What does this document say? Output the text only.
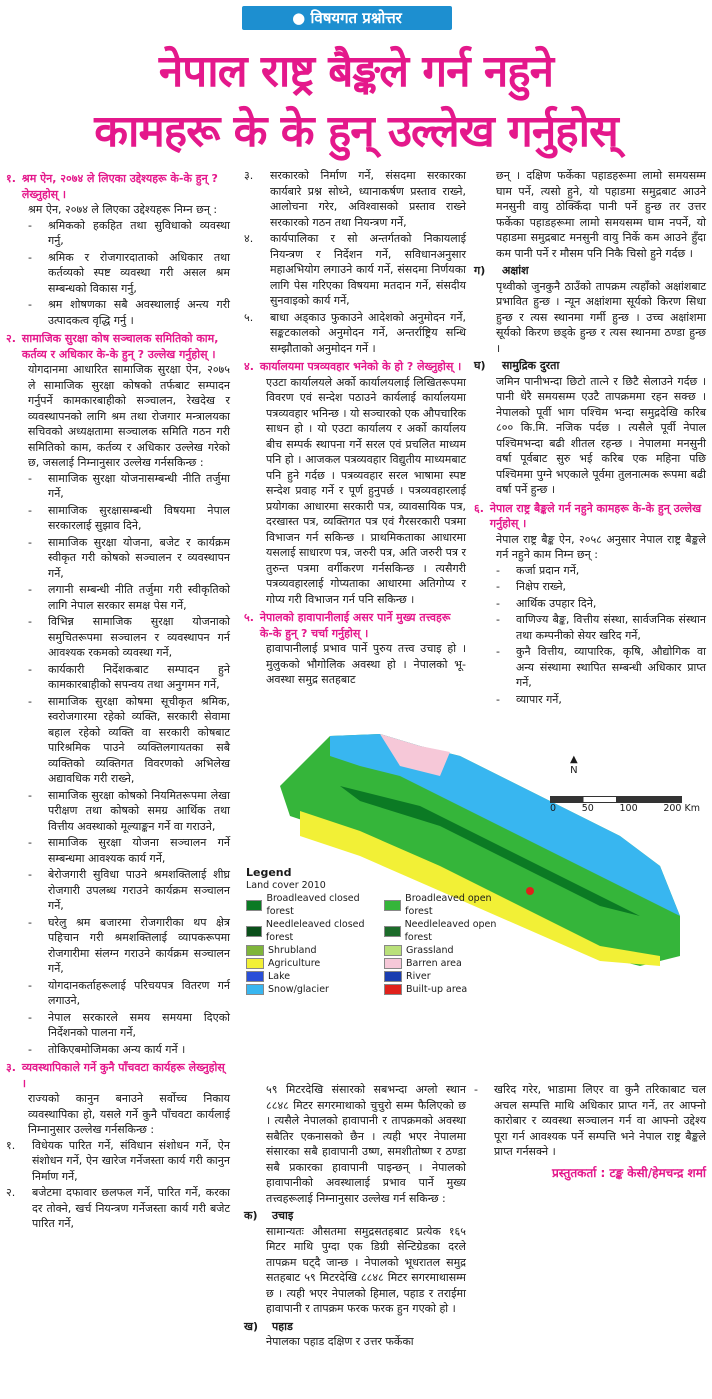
● विषयगत प्रश्नोत्तर
नेपाल राष्ट्र बैङ्कले गर्न नहुने
कामहरू के के हुन् उल्लेख गर्नुहोस्
१. श्रम ऐन, २०७४ ले लिएका उद्देश्यहरू के-के हुन् ? लेख्नुहोस् ।
श्रम ऐन, २०७४ ले लिएका उद्देश्यहरू निम्न छन् :
-	श्रमिकको हकहित तथा सुविधाको व्यवस्था गर्नु,
-	श्रमिक र रोजगारदाताको अधिकार तथा कर्तव्यको स्पष्ट व्यवस्था गरी असल श्रम सम्बन्धको विकास गर्नु,
-	श्रम शोषणका सबै अवस्थालाई अन्त्य गरी उत्पादकत्व वृद्धि गर्नु ।
२. सामाजिक सुरक्षा कोष सञ्चालक समितिको काम, कर्तव्य र अधिकार के-के हुन् ? उल्लेख गर्नुहोस् ।
योगदानमा आधारित सामाजिक सुरक्षा ऐन, २०७५ ले सामाजिक सुरक्षा कोषको तर्फबाट सम्पादन गर्नुपर्ने कामकारबाहीको सञ्चालन, रेखदेख र व्यवस्थापनको लागि श्रम तथा रोजगार मन्त्रालयका सचिवको अध्यक्षतामा सञ्चालक समिति गठन गरी समितिको काम, कर्तव्य र अधिकार उल्लेख गरेको छ, जसलाई निम्नानुसार उल्लेख गर्नसकिन्छ :
-	सामाजिक सुरक्षा योजनासम्बन्धी नीति तर्जुमा गर्ने,
-	सामाजिक सुरक्षासम्बन्धी विषयमा नेपाल सरकारलाई सुझाव दिने,
-	सामाजिक सुरक्षा योजना, बजेट र कार्यक्रम स्वीकृत गरी कोषको सञ्चालन र व्यवस्थापन गर्ने,
-	लगानी सम्बन्धी नीति तर्जुमा गरी स्वीकृतिको लागि नेपाल सरकार समक्ष पेस गर्ने,
-	विभिन्न सामाजिक सुरक्षा योजनाको समुचितरूपमा सञ्चालन र व्यवस्थापन गर्न आवश्यक रकमको व्यवस्था गर्ने,
-	कार्यकारी निर्देशकबाट सम्पादन हुने कामकारबाहीको सपन्वय तथा अनुगमन गर्ने,
-	सामाजिक सुरक्षा कोषमा सूचीकृत श्रमिक, स्वरोजगारमा रहेको व्यक्ति, सरकारी सेवामा बहाल रहेको व्यक्ति वा सरकारी कोषबाट पारिश्रमिक पाउने व्यक्तिलगायतका सबै व्यक्तिको व्यक्तिगत विवरणको अभिलेख अद्यावधिक गरी राख्ने,
-	सामाजिक सुरक्षा कोषको नियमितरूपमा लेखा परीक्षण तथा कोषको समग्र आर्थिक तथा वित्तीय अवस्थाको मूल्याङ्कन गर्ने वा गराउने,
-	सामाजिक सुरक्षा योजना सञ्चालन गर्ने सम्बन्धमा आवश्यक कार्य गर्ने,
-	बेरोजगारी सुविधा पाउने श्रमशक्तिलाई शीघ्र रोजगारी उपलब्ध गराउने कार्यक्रम सञ्चालन गर्ने,
-	घरेलु श्रम बजारमा रोजगारीका थप क्षेत्र पहिचान गरी श्रमशक्तिलाई व्यापकरूपमा रोजगारीमा संलग्न गराउने कार्यक्रम सञ्चालन गर्ने,
-	योगदानकर्ताहरूलाई परिचयपत्र वितरण गर्न लगाउने,
-	नेपाल सरकारले समय समयमा दिएको निर्देशनको पालना गर्ने,
-	तोकिएबमोजिमका अन्य कार्य गर्ने ।
३. व्यवस्थापिकाले गर्ने कुनै पाँचवटा कार्यहरू लेख्नुहोस् ।
राज्यको कानुन बनाउने सर्वोच्च निकाय व्यवस्थापिका हो, यसले गर्ने कुनै पाँचवटा कार्यलाई निम्नानुसार उल्लेख गर्नसकिन्छ :
१.	विधेयक पारित गर्ने, संविधान संशोधन गर्ने, ऐन संशोधन गर्ने, ऐन खारेज गर्नेजस्ता कार्य गरी कानुन निर्माण गर्ने,
२.	बजेटमा दफावार छलफल गर्ने, पारित गर्ने, करका दर तोक्ने, खर्च नियन्त्रण गर्नेजस्ता कार्य गरी बजेट पारित गर्ने,
३.	सरकारको निर्माण गर्ने, संसदमा सरकारका कार्यबारे प्रश्न सोध्ने, ध्यानाकर्षण प्रस्ताव राख्ने, आलोचना गरेर, अविश्वासको प्रस्ताव राख्ने सरकारको गठन तथा नियन्त्रण गर्ने,
४.	कार्यपालिका र सो अन्तर्गतको निकायलाई नियन्त्रण र निर्देशन गर्ने, सविधानअनुसार महाअभियोग लगाउने कार्य गर्ने, संसदमा निर्णयका लागि पेस गरिएका विषयमा मतदान गर्ने, संसदीय सुनवाइको कार्य गर्ने,
५.	बाधा अड्काउ फुकाउने आदेशको अनुमोदन गर्ने, सङ्कटकालको अनुमोदन गर्ने, अन्तर्राष्ट्रिय सन्धि सम्झौताको अनुमोदन गर्ने ।
४. कार्यालयमा पत्रव्यवहार भनेको के हो ? लेख्नुहोस् ।
एउटा कार्यालयले अर्को कार्यालयलाई लिखितरूपमा विवरण एवं सन्देश पठाउने कार्यलाई कार्यालयमा पत्रव्यवहार भनिन्छ । यो सञ्चारको एक औपचारिक साधन हो । यो एउटा कार्यालय र अर्को कार्यालय बीच सम्पर्क स्थापना गर्ने सरल एवं प्रचलित माध्यम पनि हो । आजकल पत्रव्यवहार विद्युतीय माध्यमबाट पनि हुने गर्दछ । पत्रव्यवहार सरल भाषामा स्पष्ट सन्देश प्रवाह गर्ने र पूर्ण हुनुपर्छ । पत्रव्यवहारलाई प्रयोगका आधारमा सरकारी पत्र, व्यावसायिक पत्र, दरखास्त पत्र, व्यक्तिगत पत्र एवं गैरसरकारी पत्रमा विभाजन गर्न सकिन्छ । प्राथमिकताका आधारमा यसलाई साधारण पत्र, जरुरी पत्र, अति जरुरी पत्र र तुरुन्त पत्रमा वर्गीकरण गर्नसकिन्छ । त्यसैगरी पत्रव्यवहारलाई गोप्यताका आधारमा अतिगोप्य र गोप्य गरी विभाजन गर्न पनि सकिन्छ ।
५. नेपालको हावापानीलाई असर पार्ने मुख्य तत्त्वहरू के-के हुन् ? चर्चा गर्नुहोस् ।
हावापानीलाई प्रभाव पार्ने पुरुय तत्त्व उचाइ हो । मुलुकको भौगोलिक अवस्था हो । नेपालको भू-अवस्था समुद्र सतहबाट
छन् । दक्षिण फर्केका पहाडहरूमा लामो समयसम्म घाम पर्ने, त्यसो हुने, यो पहाडमा समुद्रबाट आउने मनसुनी वायु ठोक्किँदा पानी पर्ने हुन्छ तर उत्तर फर्केका पहाडहरूमा लामो समयसम्म घाम नपर्ने, यो पहाडमा समुद्रबाट मनसुनी वायु निर्के कम आउने हुँदा कम पानी पर्ने र मौसम पनि निकै चिसो हुने गर्दछ ।
ग)	अक्षांश
पृथ्वीको जुनकुनै ठाउँको तापक्रम त्यहाँको अक्षांशबाट प्रभावित हुन्छ । न्यून अक्षांशमा सूर्यको किरण सिधा हुन्छ र त्यस स्थानमा गर्मी हुन्छ । उच्च अक्षांशमा सूर्यको किरण छड्के हुन्छ र त्यस स्थानमा ठण्डा हुन्छ ।
घ)	सामुद्रिक दुरता
जमिन पानीभन्दा छिटो तात्ने र छिटै सेलाउने गर्दछ । पानी धेरै समयसम्म एउटै तापक्रममा रहन सक्छ । नेपालको पूर्वी भाग पश्चिम भन्दा समुद्रदेखि करिब ८०० कि.मि. नजिक पर्दछ । त्यसैले पूर्वी नेपाल पश्चिमभन्दा बढी शीतल रहन्छ । नेपालमा मनसुनी वर्षा पूर्वबाट सुरु भई करिब एक महिना पछि पश्चिममा पुग्ने भएकाले पूर्वमा तुलनात्मक रूपमा बढी वर्षा पर्ने हुन्छ ।
६. नेपाल राष्ट्र बैङ्कले गर्न नहुने कामहरू के-के हुन् उल्लेख गर्नुहोस् ।
नेपाल राष्ट्र बैङ्क ऐन, २०५८ अनुसार नेपाल राष्ट्र बैङ्कले गर्न नहुने काम निम्न छन् :
-	कर्जा प्रदान गर्ने,
-	निक्षेप राख्ने,
-	आर्थिक उपहार दिने,
-	वाणिज्य बैङ्क, वित्तीय संस्था, सार्वजनिक संस्थान तथा कम्पनीको सेयर खरिद गर्ने,
-	कुनै वित्तीय, व्यापारिक, कृषि, औद्योगिक वा अन्य संस्थामा स्थापित सम्बन्धी अधिकार प्राप्त गर्ने,
-	व्यापार गर्ने,
▲
N
0	50	100	200 Km
Legend
Land cover 2010
Broadleaved closed forest
Broadleaved open forest
Needleleaved closed forest
Needleleaved open forest
Shrubland	Grassland
Agriculture	Barren area
Lake	River
Snow/glacier	Built-up area
५९ मिटरदेखि संसारको सबभन्दा अग्लो स्थान ८८४८ मिटर सगरमाथाको चुचुरो सम्म फैलिएको छ । त्यसैले नेपालको हावापानी र तापक्रमको अवस्था सबैतिर एकनासको छैन । त्यही भएर नेपालमा संसारका सबै हावापानी उष्ण, समशीतोष्ण र ठण्डा सबै प्रकारका हावापानी पाइन्छन् । नेपालको हावापानीको अवस्थालाई प्रभाव पार्ने मुख्य तत्त्वहरूलाई निम्नानुसार उल्लेख गर्न सकिन्छ :
क)	उचाइ
सामान्यतः औसतमा समुद्रसतहबाट प्रत्येक १६५ मिटर माथि पुग्दा एक डिग्री सेन्टिग्रेडका दरले तापक्रम घट्दै जान्छ । नेपालको भूधरातल समुद्र सतहबाट ५९ मिटरदेखि ८८४८ मिटर सगरमाथासम्म छ । त्यही भएर नेपालको हिमाल, पहाड र तराईमा हावापानी र तापक्रम फरक फरक हुन गएको हो ।
ख)	पहाड
नेपालका पहाड दक्षिण र उत्तर फर्केका
-	खरिद गरेर, भाडामा लिएर वा कुनै तरिकाबाट चल अचल सम्पत्ति माथि अधिकार प्राप्त गर्ने, तर आफ्नो कारोबार र व्यवस्था सञ्चालन गर्न वा आफ्नो उद्देश्य पूरा गर्न आवश्यक पर्ने सम्पत्ति भने नेपाल राष्ट्र बैङ्कले प्राप्त गर्नसक्ने ।
प्रस्तुतकर्ता : टङ्क केसी/हेमचन्द्र शर्मा
